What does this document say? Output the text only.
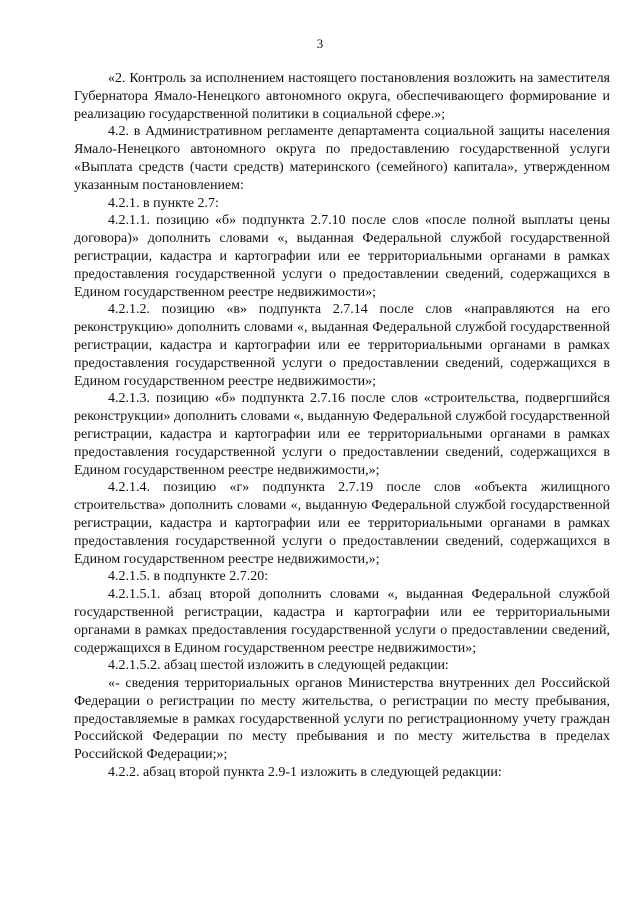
3

«2. Контроль за исполнением настоящего постановления возложить на заместителя Губернатора Ямало-Ненецкого автономного округа, обеспечивающего формирование и реализацию государственной политики в социальной сфере.»;

4.2. в Административном регламенте департамента социальной защиты населения Ямало-Ненецкого автономного округа по предоставлению государственной услуги «Выплата средств (части средств) материнского (семейного) капитала», утвержденном указанным постановлением:

4.2.1. в пункте 2.7:

4.2.1.1. позицию «б» подпункта 2.7.10 после слов «после полной выплаты цены договора)» дополнить словами «, выданная Федеральной службой государственной регистрации, кадастра и картографии или ее территориальными органами в рамках предоставления государственной услуги о предоставлении сведений, содержащихся в Едином государственном реестре недвижимости»;

4.2.1.2. позицию «в» подпункта 2.7.14 после слов «направляются на его реконструкцию» дополнить словами «, выданная Федеральной службой государственной регистрации, кадастра и картографии или ее территориальными органами в рамках предоставления государственной услуги о предоставлении сведений, содержащихся в Едином государственном реестре недвижимости»;

4.2.1.3. позицию «б» подпункта 2.7.16 после слов «строительства, подвергшийся реконструкции» дополнить словами «, выданную Федеральной службой государственной регистрации, кадастра и картографии или ее территориальными органами в рамках предоставления государственной услуги о предоставлении сведений, содержащихся в Едином государственном реестре недвижимости,»;

4.2.1.4. позицию «г» подпункта 2.7.19 после слов «объекта жилищного строительства» дополнить словами «, выданную Федеральной службой государственной регистрации, кадастра и картографии или ее территориальными органами в рамках предоставления государственной услуги о предоставлении сведений, содержащихся в Едином государственном реестре недвижимости,»;

4.2.1.5. в подпункте 2.7.20:

4.2.1.5.1. абзац второй дополнить словами «, выданная Федеральной службой государственной регистрации, кадастра и картографии или ее территориальными органами в рамках предоставления государственной услуги о предоставлении сведений, содержащихся в Едином государственном реестре недвижимости»;

4.2.1.5.2. абзац шестой изложить в следующей редакции:

«- сведения территориальных органов Министерства внутренних дел Российской Федерации о регистрации по месту жительства, о регистрации по месту пребывания, предоставляемые в рамках государственной услуги по регистрационному учету граждан Российской Федерации по месту пребывания и по месту жительства в пределах Российской Федерации;»;

4.2.2. абзац второй пункта 2.9-1 изложить в следующей редакции:
